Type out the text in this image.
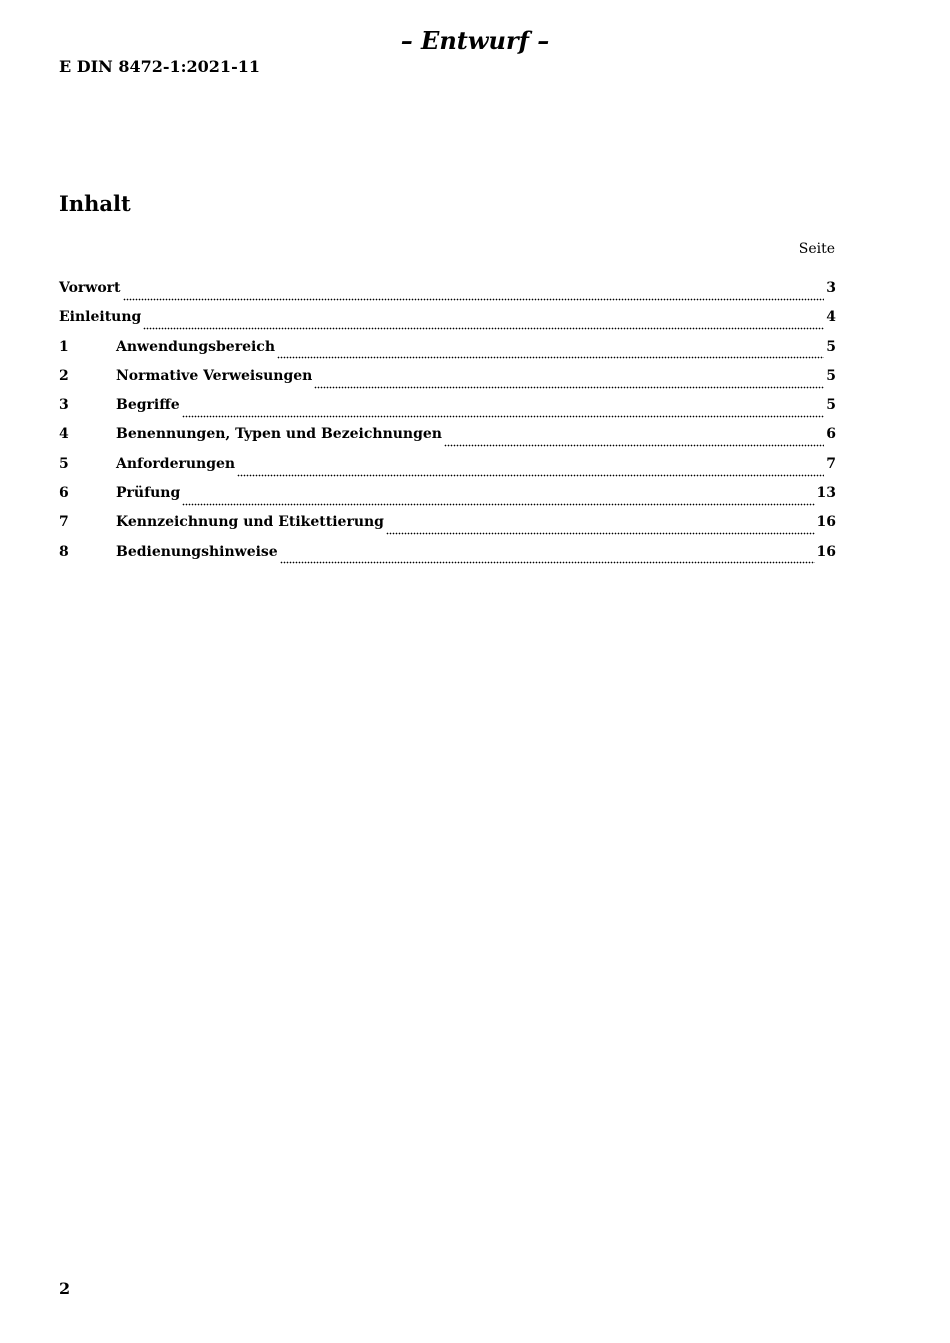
– Entwurf –
E DIN 8472-1:2021-11
Inhalt
Seite
Vorwort	3
Einleitung	4
1	Anwendungsbereich	5
2	Normative Verweisungen	5
3	Begriffe	5
4	Benennungen, Typen und Bezeichnungen	6
5	Anforderungen	7
6	Prüfung	13
7	Kennzeichnung und Etikettierung	16
8	Bedienungshinweise	16
2
